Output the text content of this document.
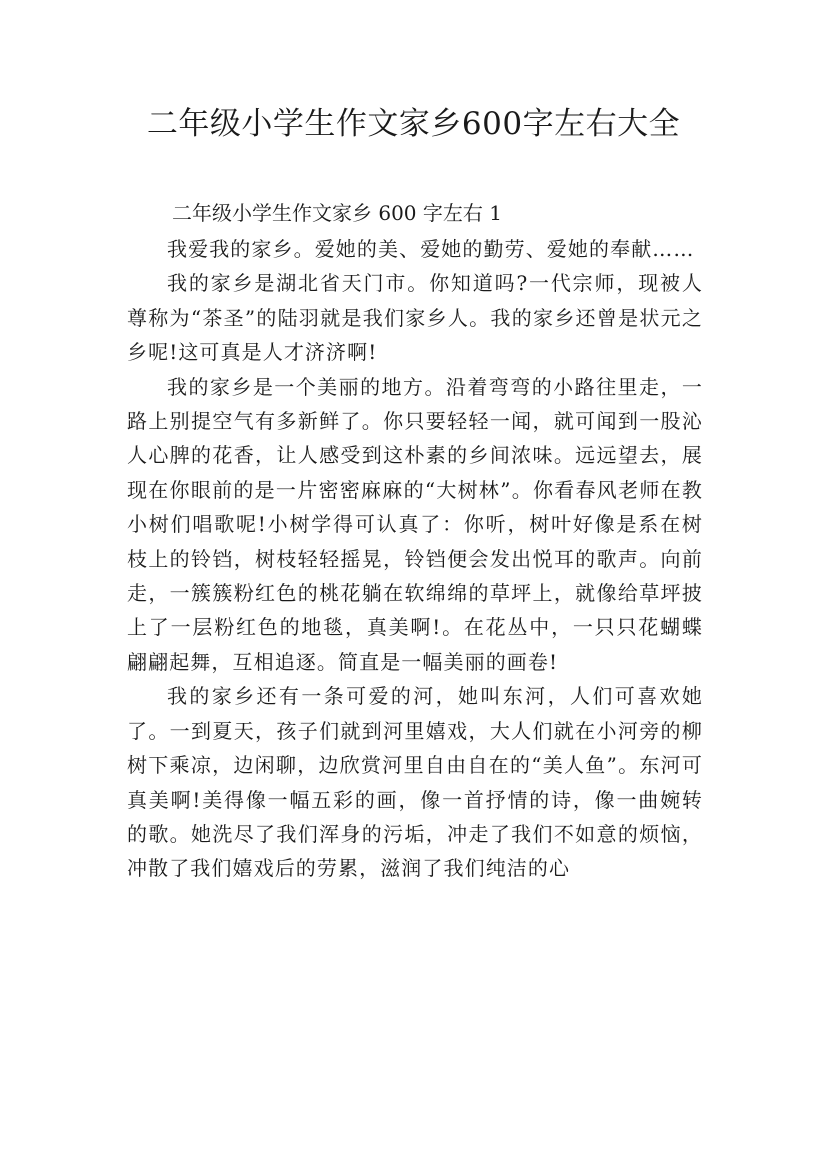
二年级小学生作文家乡600字左右大全
二年级小学生作文家乡 600 字左右 1

我爱我的家乡。爱她的美、爱她的勤劳、爱她的奉献……

我的家乡是湖北省天门市。你知道吗?一代宗师，现被人尊称为“茶圣”的陆羽就是我们家乡人。我的家乡还曾是状元之乡呢!这可真是人才济济啊!

我的家乡是一个美丽的地方。沿着弯弯的小路往里走，一路上别提空气有多新鲜了。你只要轻轻一闻，就可闻到一股沁人心脾的花香，让人感受到这朴素的乡间浓味。远远望去，展现在你眼前的是一片密密麻麻的“大树林”。你看春风老师在教小树们唱歌呢!小树学得可认真了：你听，树叶好像是系在树枝上的铃铛，树枝轻轻摇晃，铃铛便会发出悦耳的歌声。向前走，一簇簇粉红色的桃花躺在软绵绵的草坪上，就像给草坪披上了一层粉红色的地毯，真美啊!。在花丛中，一只只花蝴蝶翩翩起舞，互相追逐。简直是一幅美丽的画卷!

我的家乡还有一条可爱的河，她叫东河，人们可喜欢她了。一到夏天，孩子们就到河里嬉戏，大人们就在小河旁的柳树下乘凉，边闲聊，边欣赏河里自由自在的“美人鱼”。东河可真美啊!美得像一幅五彩的画，像一首抒情的诗，像一曲婉转的歌。她洗尽了我们浑身的污垢，冲走了我们不如意的烦恼，冲散了我们嬉戏后的劳累，滋润了我们纯洁的心
